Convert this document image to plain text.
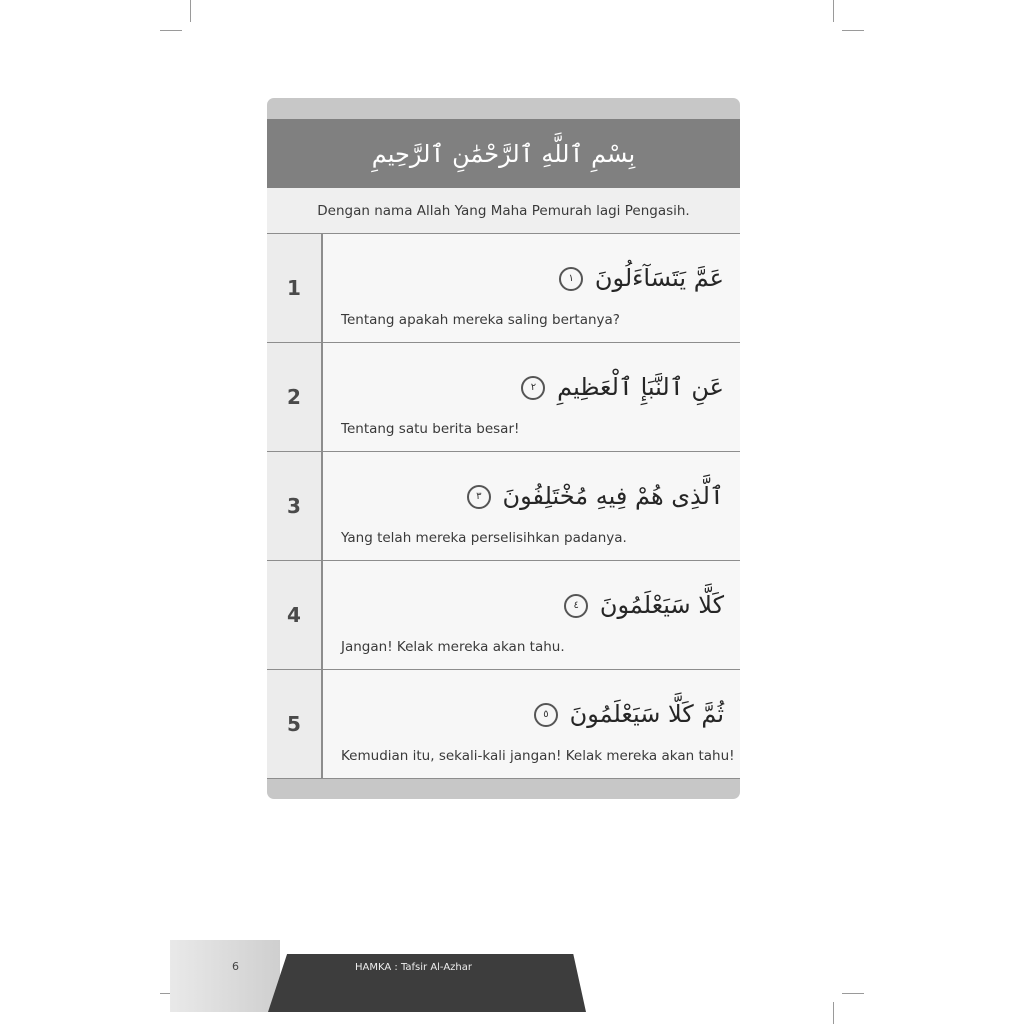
بِسْمِ ٱللَّهِ ٱلرَّحْمَٰنِ ٱلرَّحِيمِ
Dengan nama Allah Yang Maha Pemurah lagi Pengasih.
1	عَمَّ يَتَسَآءَلُونَ ١
Tentang apakah mereka saling bertanya?
2	عَنِ ٱلنَّبَإِ ٱلْعَظِيمِ ٢
Tentang satu berita besar!
3	ٱلَّذِى هُمْ فِيهِ مُخْتَلِفُونَ ٣
Yang telah mereka perselisihkan padanya.
4	كَلَّا سَيَعْلَمُونَ ٤
Jangan! Kelak mereka akan tahu.
5	ثُمَّ كَلَّا سَيَعْلَمُونَ ٥
Kemudian itu, sekali-kali jangan! Kelak mereka akan tahu!
6	HAMKA : Tafsir Al-Azhar
